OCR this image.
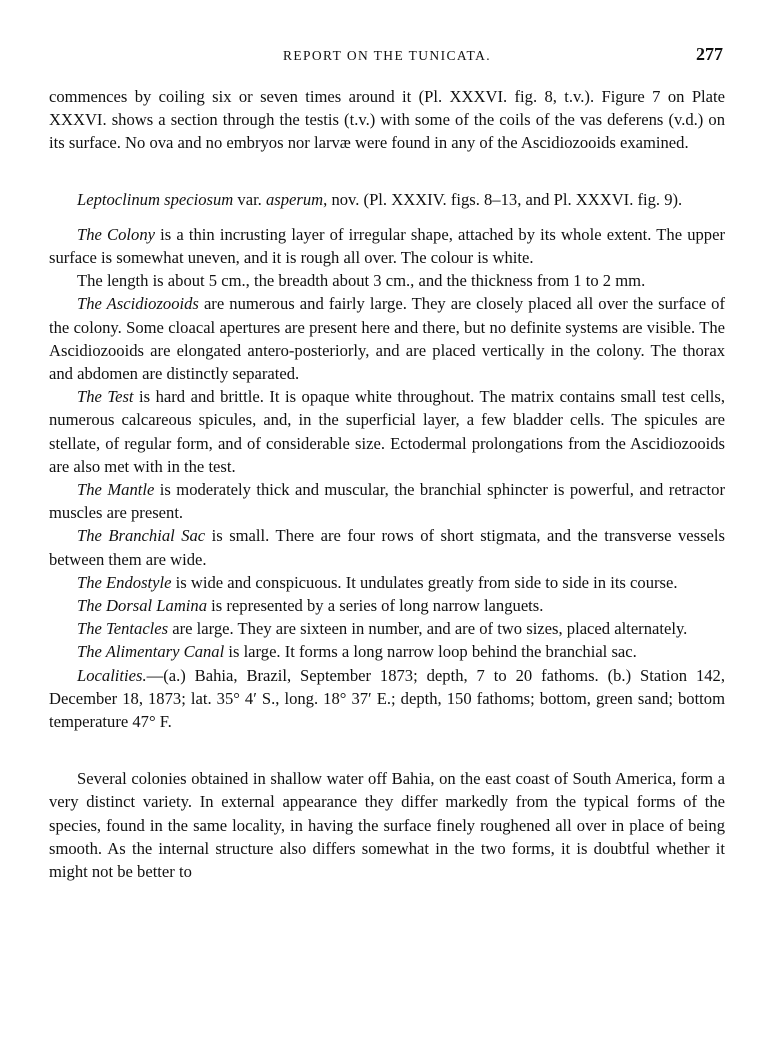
REPORT ON THE TUNICATA.	277

commences by coiling six or seven times around it (Pl. XXXVI. fig. 8, t.v.). Figure 7 on Plate XXXVI. shows a section through the testis (t.v.) with some of the coils of the vas deferens (v.d.) on its surface. No ova and no embryos nor larvæ were found in any of the Ascidiozooids examined.

Leptoclinum speciosum var. asperum, nov. (Pl. XXXIV. figs. 8–13, and Pl. XXXVI. fig. 9).

The Colony is a thin incrusting layer of irregular shape, attached by its whole extent. The upper surface is somewhat uneven, and it is rough all over. The colour is white.

The length is about 5 cm., the breadth about 3 cm., and the thickness from 1 to 2 mm.

The Ascidiozooids are numerous and fairly large. They are closely placed all over the surface of the colony. Some cloacal apertures are present here and there, but no definite systems are visible. The Ascidiozooids are elongated antero-posteriorly, and are placed vertically in the colony. The thorax and abdomen are distinctly separated.

The Test is hard and brittle. It is opaque white throughout. The matrix contains small test cells, numerous calcareous spicules, and, in the superficial layer, a few bladder cells. The spicules are stellate, of regular form, and of considerable size. Ectodermal prolongations from the Ascidiozooids are also met with in the test.

The Mantle is moderately thick and muscular, the branchial sphincter is powerful, and retractor muscles are present.

The Branchial Sac is small. There are four rows of short stigmata, and the transverse vessels between them are wide.

The Endostyle is wide and conspicuous. It undulates greatly from side to side in its course.

The Dorsal Lamina is represented by a series of long narrow languets.

The Tentacles are large. They are sixteen in number, and are of two sizes, placed alternately.

The Alimentary Canal is large. It forms a long narrow loop behind the branchial sac.

Localities.—(a.) Bahia, Brazil, September 1873; depth, 7 to 20 fathoms. (b.) Station 142, December 18, 1873; lat. 35° 4′ S., long. 18° 37′ E.; depth, 150 fathoms; bottom, green sand; bottom temperature 47° F.

Several colonies obtained in shallow water off Bahia, on the east coast of South America, form a very distinct variety. In external appearance they differ markedly from the typical forms of the species, found in the same locality, in having the surface finely roughened all over in place of being smooth. As the internal structure also differs somewhat in the two forms, it is doubtful whether it might not be better to
